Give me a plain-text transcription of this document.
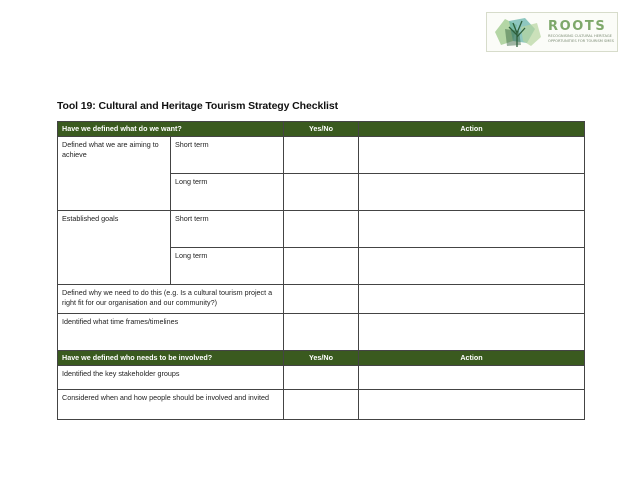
ROOTS
RECOGNISING CULTURAL HERITAGE
OPPORTUNITIES FOR TOURISM SMES
Tool 19: Cultural and Heritage Tourism Strategy Checklist
Have we defined what do we want?		Yes/No	Action
Defined what we are aiming to achieve	Short term		
	Long term		
Established goals	Short term		
	Long term		
Defined why we need to do this (e.g. Is a cultural tourism project a right fit for our organisation and our community?)			
Identified what time frames/timelines			
Have we defined who needs to be involved?		Yes/No	Action
Identified the key stakeholder groups			
Considered when and how people should be involved and invited			
